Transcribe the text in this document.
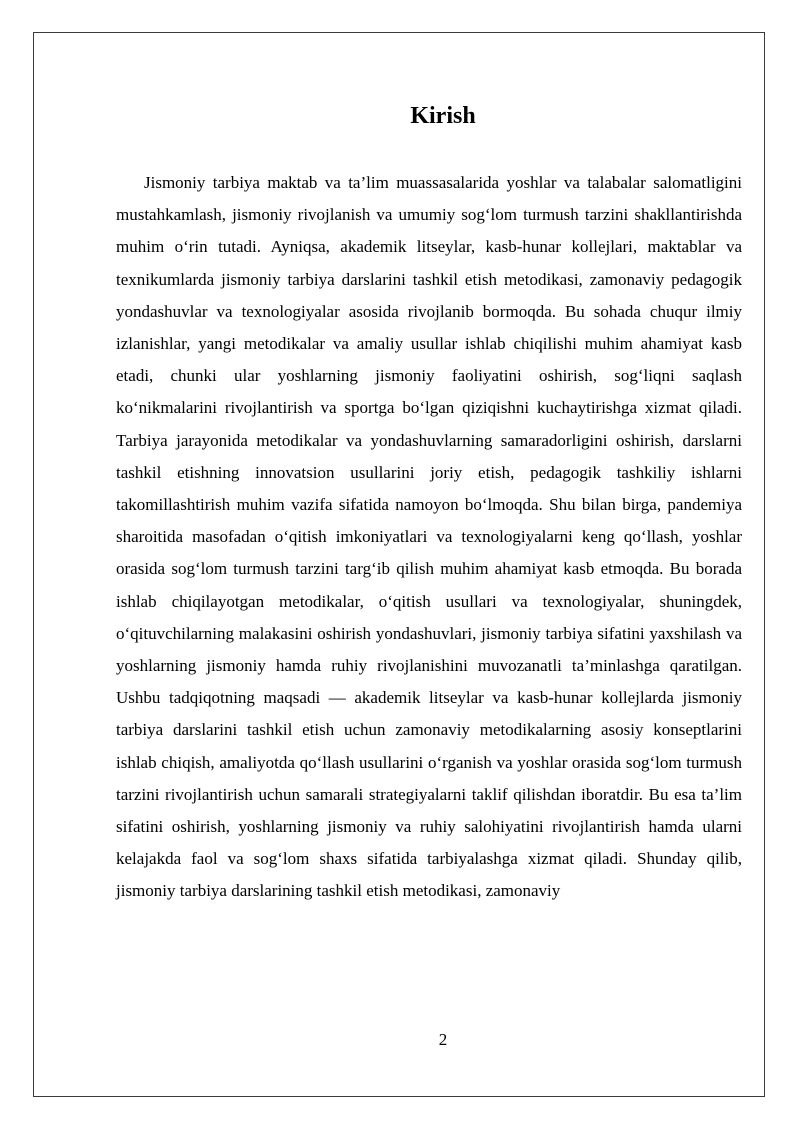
Kirish

Jismoniy tarbiya maktab va ta’lim muassasalarida yoshlar va talabalar salomatligini mustahkamlash, jismoniy rivojlanish va umumiy sog‘lom turmush tarzini shakllantirishda muhim o‘rin tutadi. Ayniqsa, akademik litseylar, kasb-hunar kollejlari, maktablar va texnikumlarda jismoniy tarbiya darslarini tashkil etish metodikasi, zamonaviy pedagogik yondashuvlar va texnologiyalar asosida rivojlanib bormoqda. Bu sohada chuqur ilmiy izlanishlar, yangi metodikalar va amaliy usullar ishlab chiqilishi muhim ahamiyat kasb etadi, chunki ular yoshlarning jismoniy faoliyatini oshirish, sog‘liqni saqlash ko‘nikmalarini rivojlantirish va sportga bo‘lgan qiziqishni kuchaytirishga xizmat qiladi. Tarbiya jarayonida metodikalar va yondashuvlarning samaradorligini oshirish, darslarni tashkil etishning innovatsion usullarini joriy etish, pedagogik tashkiliy ishlarni takomillashtirish muhim vazifa sifatida namoyon bo‘lmoqda. Shu bilan birga, pandemiya sharoitida masofadan o‘qitish imkoniyatlari va texnologiyalarni keng qo‘llash, yoshlar orasida sog‘lom turmush tarzini targ‘ib qilish muhim ahamiyat kasb etmoqda. Bu borada ishlab chiqilayotgan metodikalar, o‘qitish usullari va texnologiyalar, shuningdek, o‘qituvchilarning malakasini oshirish yondashuvlari, jismoniy tarbiya sifatini yaxshilash va yoshlarning jismoniy hamda ruhiy rivojlanishini muvozanatli ta’minlashga qaratilgan. Ushbu tadqiqotning maqsadi — akademik litseylar va kasb-hunar kollejlarda jismoniy tarbiya darslarini tashkil etish uchun zamonaviy metodikalarning asosiy konseptlarini ishlab chiqish, amaliyotda qo‘llash usullarini o‘rganish va yoshlar orasida sog‘lom turmush tarzini rivojlantirish uchun samarali strategiyalarni taklif qilishdan iboratdir. Bu esa ta’lim sifatini oshirish, yoshlarning jismoniy va ruhiy salohiyatini rivojlantirish hamda ularni kelajakda faol va sog‘lom shaxs sifatida tarbiyalashga xizmat qiladi. Shunday qilib, jismoniy tarbiya darslarining tashkil etish metodikasi, zamonaviy

2
